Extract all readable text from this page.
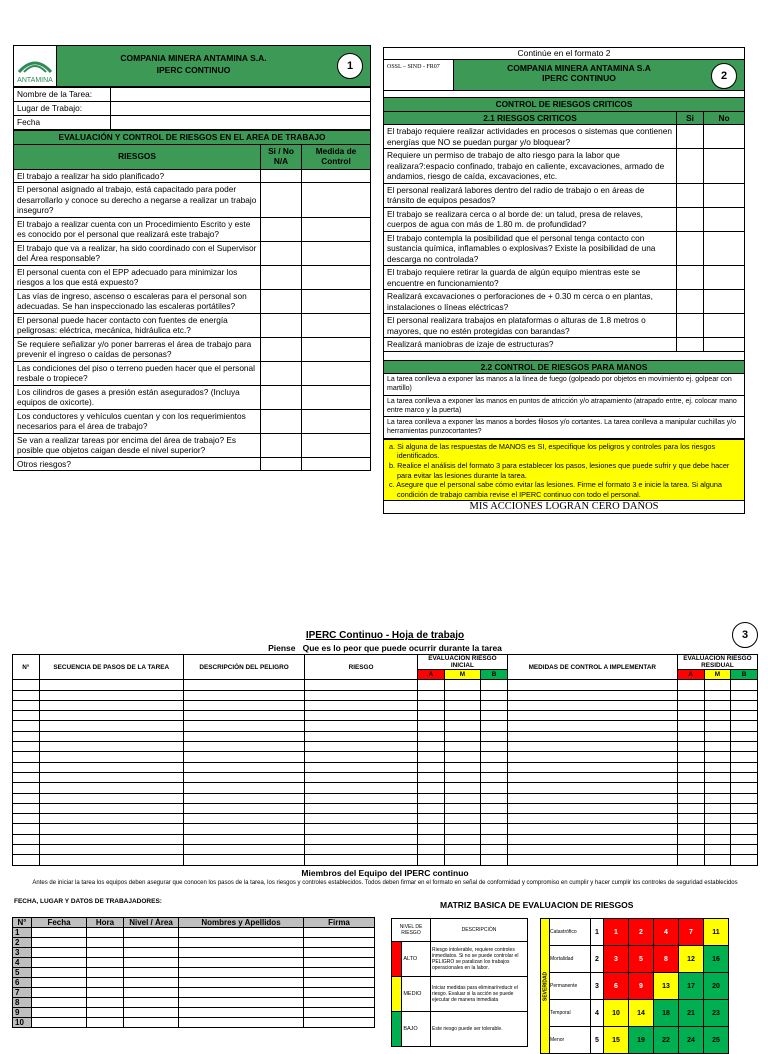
ANTAMINA
COMPANIA MINERA ANTAMINA S.A.
IPERC CONTINUO	1
Nombre de la Tarea:	
Lugar de Trabajo:	
Fecha	
EVALUACIÓN Y CONTROL DE RIESGOS EN EL AREA DE TRABAJO		
RIESGOS	Si / No N/A	Medida de Control
El trabajo a realizar ha sido planificado?		
El personal asignado al trabajo, está capacitado para poder desarrollarlo y conoce su derecho a negarse a realizar un trabajo inseguro?		
El trabajo a realizar cuenta con un Procedimiento Escrito y este es conocido por el personal que realizará este trabajo?		
El trabajo que va a realizar, ha sido coordinado con el Supervisor del Área responsable?		
El personal cuenta con el EPP adecuado para minimizar los riesgos a los que está expuesto?		
Las vías de ingreso, ascenso o escaleras para el personal son adecuadas. Se han inspeccionado las escaleras portátiles?		
El personal puede hacer contacto con fuentes de energía peligrosas: eléctrica, mecánica, hidráulica etc.?		
Se requiere señalizar y/o poner barreras el área de trabajo para prevenir el ingreso o caídas de personas?		
Las condiciones del piso o terreno pueden hacer que el personal resbale o tropiece?		
Los cilindros de gases a presión están asegurados? (Incluya equipos de oxicorte).		
Los conductores y vehículos cuentan y con los requerimientos necesarios para el área de trabajo?		
Se van a realizar tareas por encima del área de trabajo? Es posible que objetos caigan desde el nivel superior?		
Otros riesgos?		
Continúe en el formato 2
OSSL – SIND - FR07	COMPANIA MINERA ANTAMINA S.A
IPERC CONTINUO	2
CONTROL DE RIESGOS CRITICOS		
2.1 RIESGOS CRITICOS	Si	No
El trabajo requiere realizar actividades en procesos o sistemas que contienen energías que NO se puedan purgar y/o bloquear?		
Requiere un permiso de trabajo de alto riesgo para la labor que realizara?:espacio confinado, trabajo en caliente, excavaciones, armado de andamios, riesgo de caída, excavaciones, etc.		
El personal realizará labores dentro del radio de trabajo o en áreas de tránsito de equipos pesados?		
El trabajo se realizara cerca o al borde de: un talud, presa de relaves, cuerpos de agua con más de 1.80 m. de profundidad?		
El trabajo contempla la posibilidad que el personal tenga contacto con sustancia química, inflamables o explosivas? Existe la posibilidad de una descarga no controlada?		
El trabajo requiere retirar la guarda de algún equipo mientras este se encuentre en funcionamiento?		
Realizará excavaciones o perforaciones de + 0.30 m cerca o en plantas, instalaciones o líneas eléctricas?		
El personal realizara trabajos en plataformas o alturas de 1.8 metros o mayores, que no estén protegidas con barandas?		
Realizará maniobras de izaje de estructuras?		

2.2 CONTROL DE RIESGOS PARA MANOS		
La tarea conlleva a exponer las manos a la línea de fuego (golpeado por objetos en movimiento ej. golpear con martillo)		
La tarea conlleva a exponer las manos en puntos de atricción y/o atrapamiento (atrapado entre, ej. colocar mano entre marco y la puerta)		
La tarea conlleva a exponer las manos a bordes filosos y/o cortantes. La tarea conlleva a manipular cuchillas y/o herramientas punzocortantes?		
a. Si alguna de las respuestas de MANOS es SI, especifique los peligros y controles para los riesgos identificados.
b. Realice el análisis del formato 3 para establecer los pasos, lesiones que puede sufrir y que debe hacer para evitar las lesiones durante la tarea.
c. Asegure que el personal sabe cómo evitar las lesiones. Firme el formato 3 e inicie la tarea. Si alguna condición de trabajo cambia revise el IPERC continuo con todo el personal.
MIS ACCIONES LOGRAN CERO DAÑOS
IPERC Continuo - Hoja de trabajo	3
Piense Que es lo peor que puede ocurrir durante la tarea
N°	SECUENCIA DE PASOS DE LA TAREA	DESCRIPCIÓN DEL PELIGRO	RIESGO	EVALUACION RIESGO INICIAL			MEDIDAS DE CONTROL A IMPLEMENTAR	EVALUACIÓN RIESGO RESIDUAL		

				A	M	B		A	M	B

Miembros del Equipo del IPERC continuo
Antes de iniciar la tarea los equipos deben asegurar que conocen los pasos de la tarea, los riesgos y controles establecidos. Todos deben firmar en el formato en señal de conformidad y compromiso en cumplir y hacer cumplir los controles de seguridad establecidos
FECHA, LUGAR Y DATOS DE TRABAJADORES:
N°	Fecha	Hora	Nivel / Área	Nombres y Apellidos	Firma
1					
2					
3					
4					
5					
6					
7					
8					
9					
10					
MATRIZ BASICA DE EVALUACION DE RIESGOS
NIVEL DE RIESGO		DESCRIPCIÓN
	ALTO	Riesgo intolerable, requiere controles inmediatos. Si no se puede controlar el PELIGRO se paralizan los trabajos operacionales en la labor.
	MEDIO	Iniciar medidas para eliminar/reducir el riesgo. Evaluar si la acción se puede ejecutar de manera inmediata
	BAJO	Este riesgo puede ser tolerable.
SEVERIDAD	Catastrófico	1	1	2	4	7	11
	Mortalidad	2	3	5	8	12	16
	Permanente	3	6	9	13	17	20
	Temporal	4	10	14	18	21	23
	Menor	5	15	19	22	24	25
